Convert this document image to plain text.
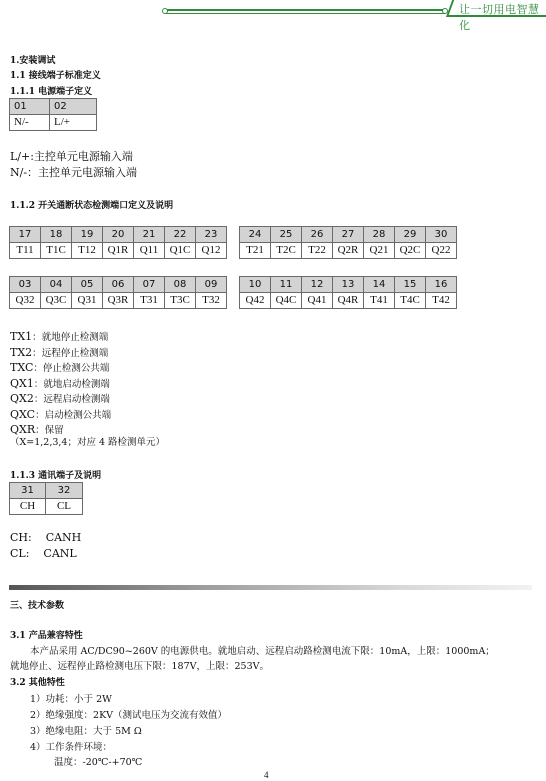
让一切用电智慧化
1.安装调试
1.1 接线端子标准定义
1.1.1 电源端子定义
01	02
N/-	L/+
L/+:主控单元电源输入端
N/-：主控单元电源输入端
1.1.2 开关通断状态检测端口定义及说明
17	18	19	20	21	22	23
T11	T1C	T12	Q1R	Q11	Q1C	Q12
24	25	26	27	28	29	30
T21	T2C	T22	Q2R	Q21	Q2C	Q22
03	04	05	06	07	08	09
Q32	Q3C	Q31	Q3R	T31	T3C	T32
10	11	12	13	14	15	16
Q42	Q4C	Q41	Q4R	T41	T4C	T42
TX1：就地停止检测端
TX2：远程停止检测端
TXC：停止检测公共端
QX1：就地启动检测端
QX2：远程启动检测端
QXC：启动检测公共端
QXR：保留
（X=1,2,3,4；对应 4 路检测单元）
1.1.3 通讯端子及说明
31	32
CH	CL
CH:    CANH
CL:    CANL
三、技术参数
3.1 产品兼容特性
本产品采用 AC/DC90~260V 的电源供电。就地启动、远程启动路检测电流下限：10mA，上限：1000mA；
就地停止、远程停止路检测电压下限：187V，上限：253V。
3.2 其他特性
1）功耗：小于 2W
2）绝缘强度：2KV（测试电压为交流有效值）
3）绝缘电阻：大于 5M Ω
4）工作条件环境：
温度：-20℃-+70℃
4
